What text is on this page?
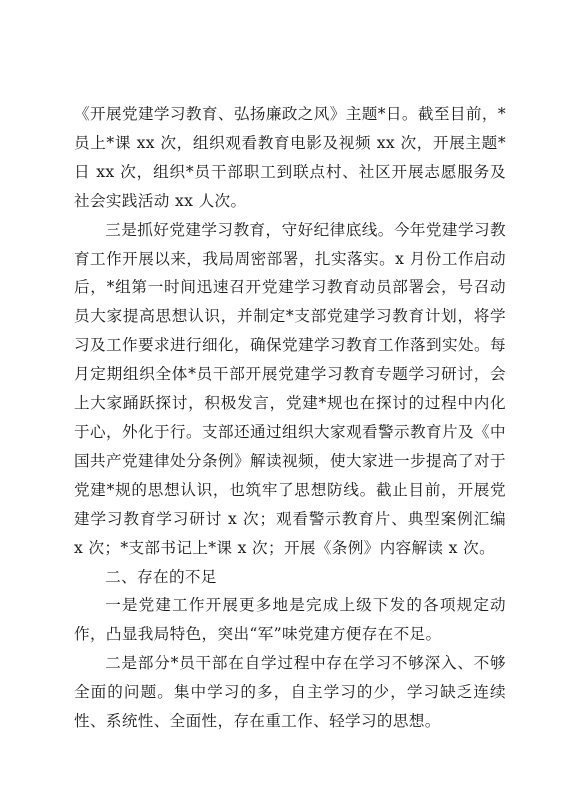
《开展党建学习教育、弘扬廉政之风》主题*日。截至目前，*员上*课 xx 次，组织观看教育电影及视频 xx 次，开展主题*日 xx 次，组织*员干部职工到联点村、社区开展志愿服务及社会实践活动 xx 人次。

三是抓好党建学习教育，守好纪律底线。今年党建学习教育工作开展以来，我局周密部署，扎实落实。x 月份工作启动后，*组第一时间迅速召开党建学习教育动员部署会，号召动员大家提高思想认识，并制定*支部党建学习教育计划，将学习及工作要求进行细化，确保党建学习教育工作落到实处。每月定期组织全体*员干部开展党建学习教育专题学习研讨，会上大家踊跃探讨，积极发言，党建*规也在探讨的过程中内化于心，外化于行。支部还通过组织大家观看警示教育片及《中国共产党建律处分条例》解读视频，使大家进一步提高了对于党建*规的思想认识，也筑牢了思想防线。截止目前，开展党建学习教育学习研讨 x 次；观看警示教育片、典型案例汇编 x 次；*支部书记上*课 x 次；开展《条例》内容解读 x 次。

二、存在的不足

一是党建工作开展更多地是完成上级下发的各项规定动作，凸显我局特色，突出“军”味党建方便存在不足。

二是部分*员干部在自学过程中存在学习不够深入、不够全面的问题。集中学习的多，自主学习的少，学习缺乏连续性、系统性、全面性，存在重工作、轻学习的思想。
